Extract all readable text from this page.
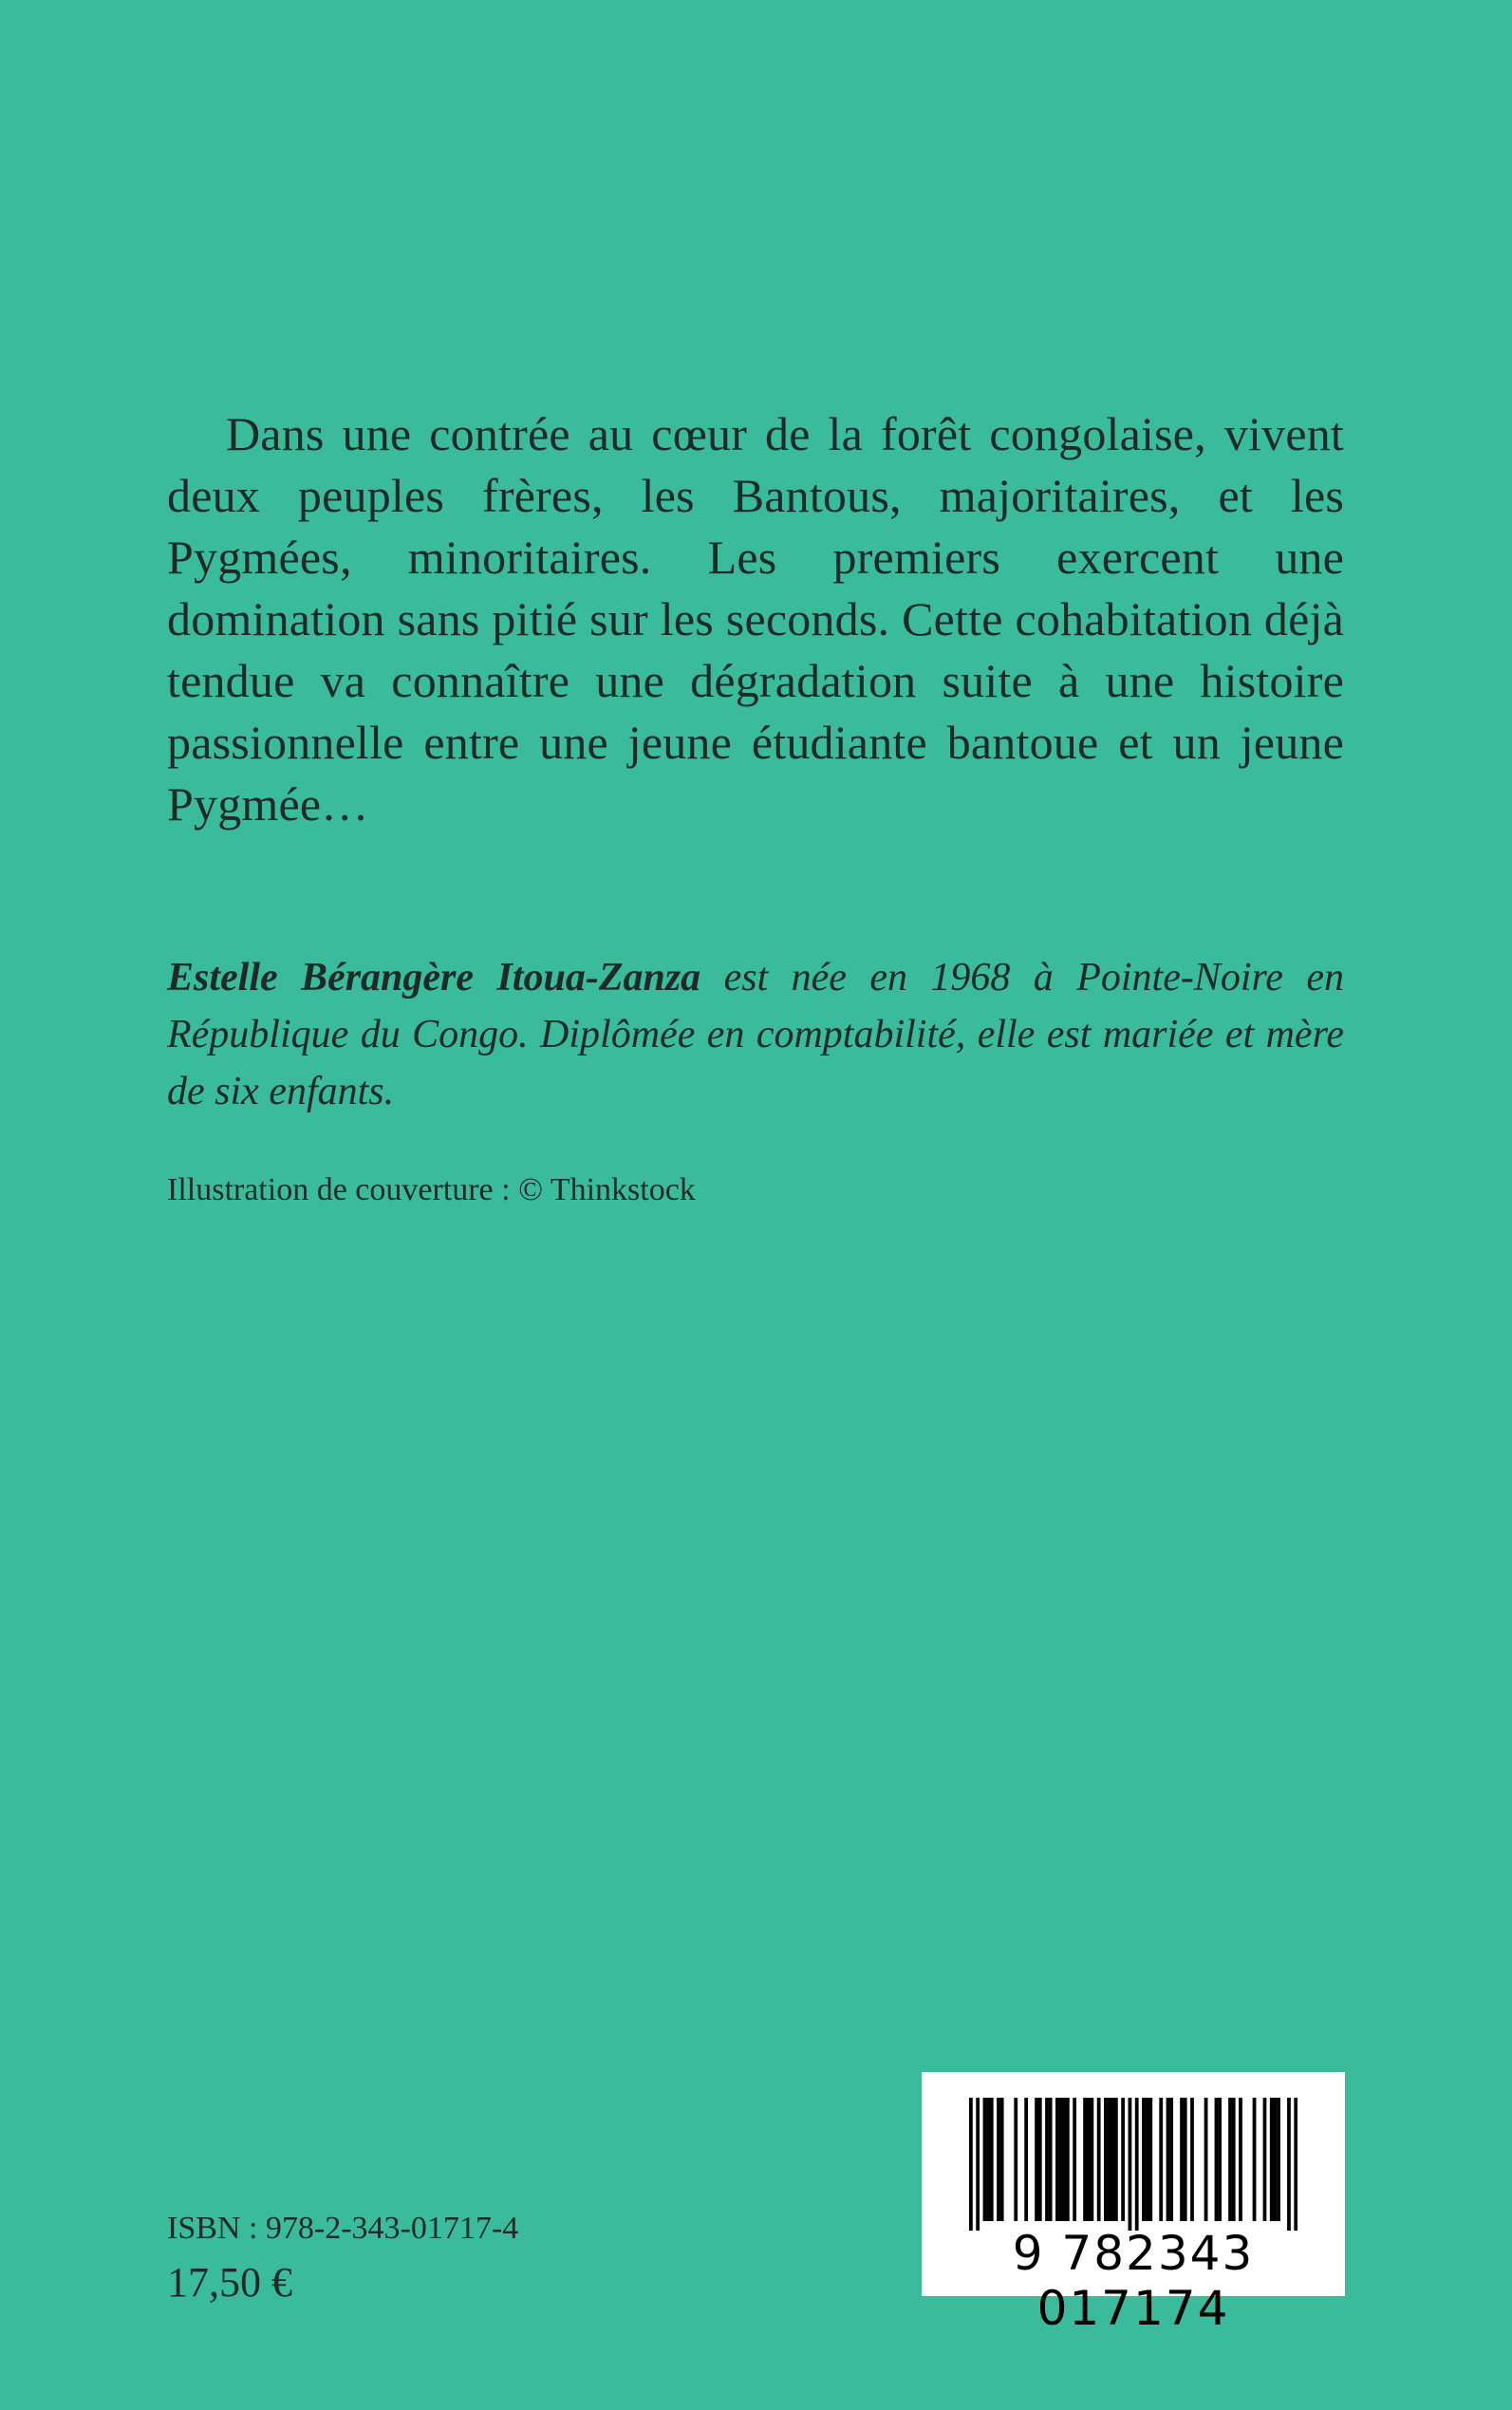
Dans une contrée au cœur de la forêt congolaise, vivent deux peuples frères, les Bantous, majoritaires, et les Pygmées, minoritaires. Les premiers exercent une domination sans pitié sur les seconds. Cette cohabitation déjà tendue va connaître une dégradation suite à une histoire passionnelle entre une jeune étudiante bantoue et un jeune Pygmée…

Estelle Bérangère Itoua-Zanza est née en 1968 à Pointe-Noire en République du Congo. Diplômée en comptabilité, elle est mariée et mère de six enfants.

Illustration de couverture : © Thinkstock

ISBN : 978-2-343-01717-4

17,50 €

9 782343 017174
